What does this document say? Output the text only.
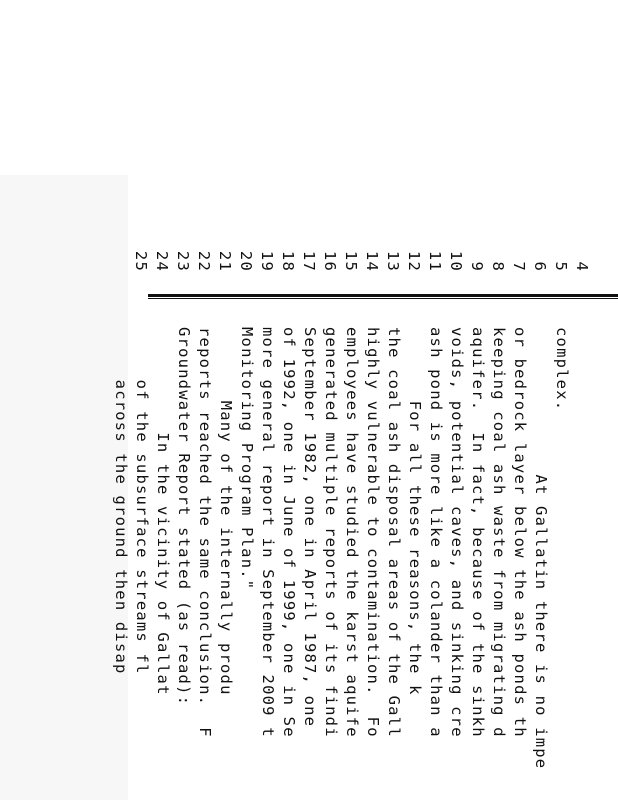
4

complex.

5

At Gallatin there is no impe

6

or bedrock layer below the ash ponds th

7

keeping coal ash waste from migrating d

8

aquifer.  In fact, because of the sinkh

9

voids, potential caves, and sinking cre

10

ash pond is more like a colander than a

11

For all these reasons, the k

12

the coal ash disposal areas of the Gall

13

highly vulnerable to contamination.  Fo

14

employees have studied the karst aquife

15

generated multiple reports of its findi

16

September 1982, one in April 1987, one

17

of 1992, one in June of 1999, one in Se

18

more general report in September 2009 t

19

Monitoring Program Plan."

20

Many of the internally produ

21

reports reached the same conclusion.  F

22

Groundwater Report stated (as read):

23

In the vicinity of Gallat

24

of the subsurface streams fl

25

across the ground then disap
